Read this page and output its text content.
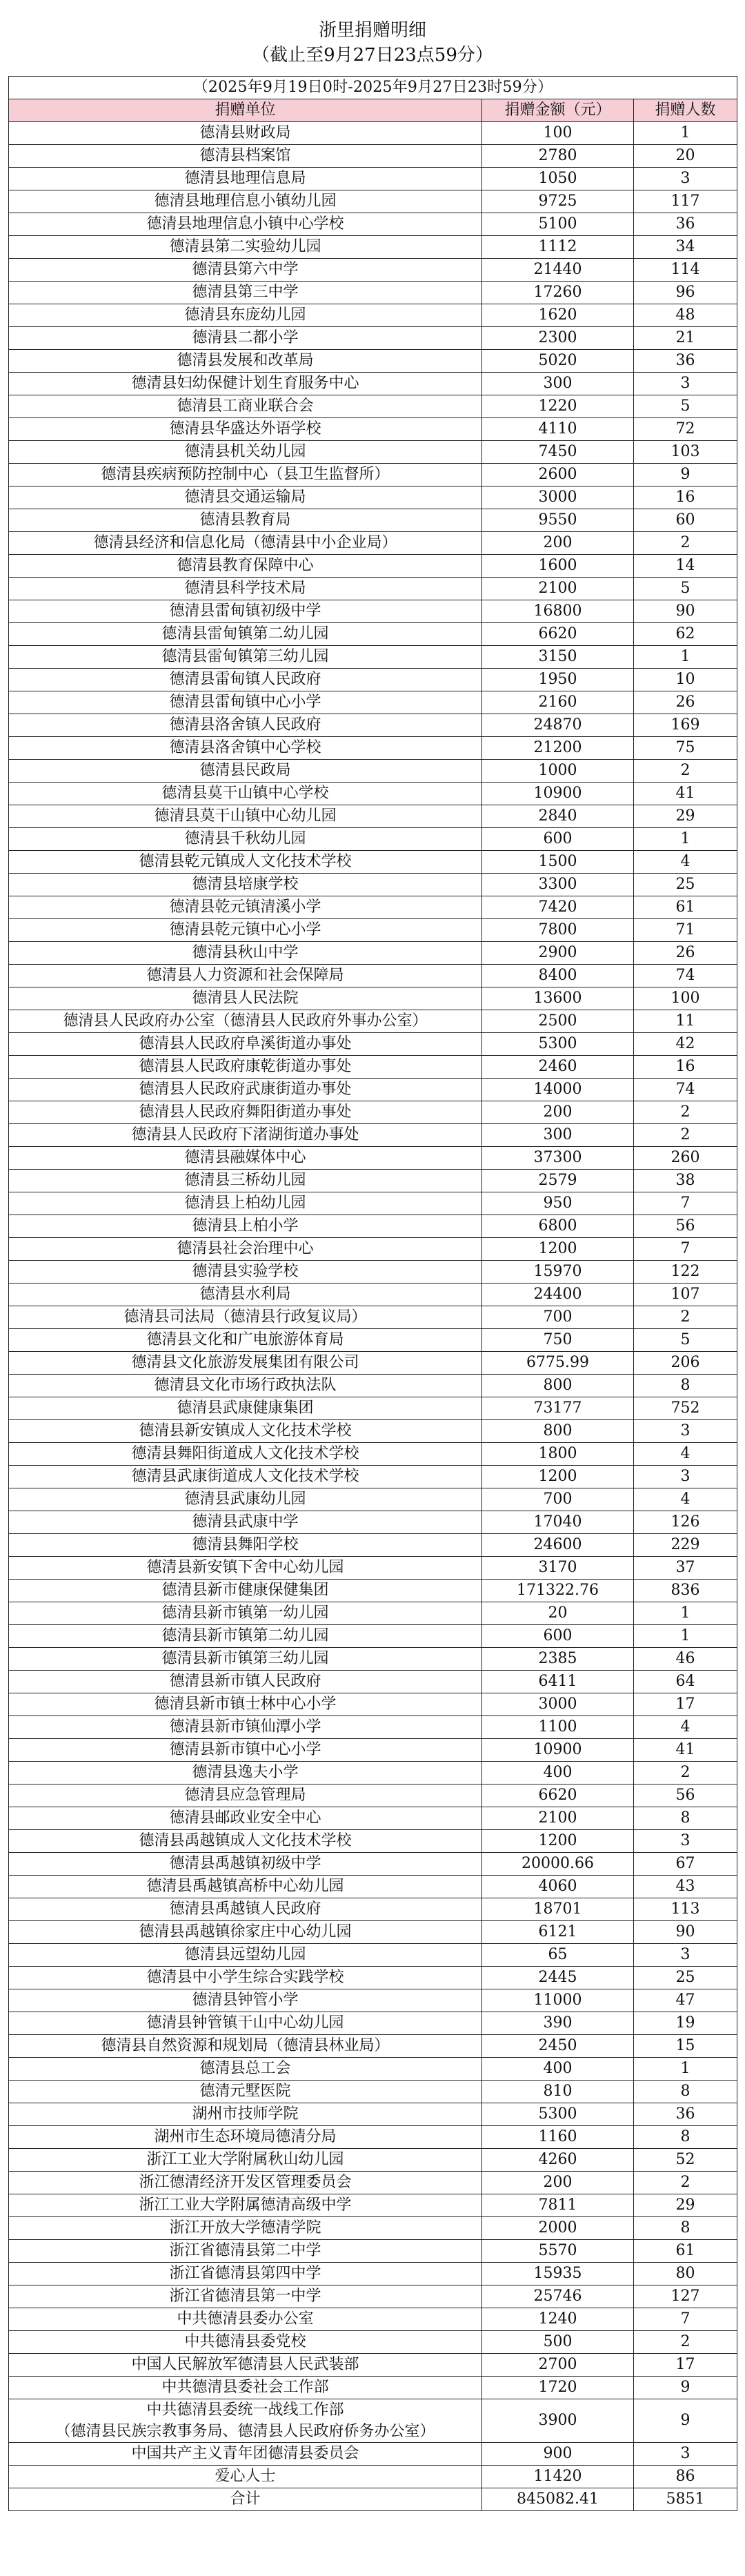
浙里捐赠明细
（截止至9月27日23点59分）
（2025年9月19日0时-2025年9月27日23时59分）		
捐赠单位	捐赠金额（元）	捐赠人数
德清县财政局	100	1
德清县档案馆	2780	20
德清县地理信息局	1050	3
德清县地理信息小镇幼儿园	9725	117
德清县地理信息小镇中心学校	5100	36
德清县第二实验幼儿园	1112	34
德清县第六中学	21440	114
德清县第三中学	17260	96
德清县东庞幼儿园	1620	48
德清县二都小学	2300	21
德清县发展和改革局	5020	36
德清县妇幼保健计划生育服务中心	300	3
德清县工商业联合会	1220	5
德清县华盛达外语学校	4110	72
德清县机关幼儿园	7450	103
德清县疾病预防控制中心（县卫生监督所）	2600	9
德清县交通运输局	3000	16
德清县教育局	9550	60
德清县经济和信息化局（德清县中小企业局）	200	2
德清县教育保障中心	1600	14
德清县科学技术局	2100	5
德清县雷甸镇初级中学	16800	90
德清县雷甸镇第二幼儿园	6620	62
德清县雷甸镇第三幼儿园	3150	1
德清县雷甸镇人民政府	1950	10
德清县雷甸镇中心小学	2160	26
德清县洛舍镇人民政府	24870	169
德清县洛舍镇中心学校	21200	75
德清县民政局	1000	2
德清县莫干山镇中心学校	10900	41
德清县莫干山镇中心幼儿园	2840	29
德清县千秋幼儿园	600	1
德清县乾元镇成人文化技术学校	1500	4
德清县培康学校	3300	25
德清县乾元镇清溪小学	7420	61
德清县乾元镇中心小学	7800	71
德清县秋山中学	2900	26
德清县人力资源和社会保障局	8400	74
德清县人民法院	13600	100
德清县人民政府办公室（德清县人民政府外事办公室）	2500	11
德清县人民政府阜溪街道办事处	5300	42
德清县人民政府康乾街道办事处	2460	16
德清县人民政府武康街道办事处	14000	74
德清县人民政府舞阳街道办事处	200	2
德清县人民政府下渚湖街道办事处	300	2
德清县融媒体中心	37300	260
德清县三桥幼儿园	2579	38
德清县上柏幼儿园	950	7
德清县上柏小学	6800	56
德清县社会治理中心	1200	7
德清县实验学校	15970	122
德清县水利局	24400	107
德清县司法局（德清县行政复议局）	700	2
德清县文化和广电旅游体育局	750	5
德清县文化旅游发展集团有限公司	6775.99	206
德清县文化市场行政执法队	800	8
德清县武康健康集团	73177	752
德清县新安镇成人文化技术学校	800	3
德清县舞阳街道成人文化技术学校	1800	4
德清县武康街道成人文化技术学校	1200	3
德清县武康幼儿园	700	4
德清县武康中学	17040	126
德清县舞阳学校	24600	229
德清县新安镇下舍中心幼儿园	3170	37
德清县新市健康保健集团	171322.76	836
德清县新市镇第一幼儿园	20	1
德清县新市镇第二幼儿园	600	1
德清县新市镇第三幼儿园	2385	46
德清县新市镇人民政府	6411	64
德清县新市镇士林中心小学	3000	17
德清县新市镇仙潭小学	1100	4
德清县新市镇中心小学	10900	41
德清县逸夫小学	400	2
德清县应急管理局	6620	56
德清县邮政业安全中心	2100	8
德清县禹越镇成人文化技术学校	1200	3
德清县禹越镇初级中学	20000.66	67
德清县禹越镇高桥中心幼儿园	4060	43
德清县禹越镇人民政府	18701	113
德清县禹越镇徐家庄中心幼儿园	6121	90
德清县远望幼儿园	65	3
德清县中小学生综合实践学校	2445	25
德清县钟管小学	11000	47
德清县钟管镇干山中心幼儿园	390	19
德清县自然资源和规划局（德清县林业局）	2450	15
德清县总工会	400	1
德清元墅医院	810	8
湖州市技师学院	5300	36
湖州市生态环境局德清分局	1160	8
浙江工业大学附属秋山幼儿园	4260	52
浙江德清经济开发区管理委员会	200	2
浙江工业大学附属德清高级中学	7811	29
浙江开放大学德清学院	2000	8
浙江省德清县第二中学	5570	61
浙江省德清县第四中学	15935	80
浙江省德清县第一中学	25746	127
中共德清县委办公室	1240	7
中共德清县委党校	500	2
中国人民解放军德清县人民武装部	2700	17
中共德清县委社会工作部	1720	9

中共德清县委统一战线工作部
（德清县民族宗教事务局、德清县人民政府侨务办公室）	3900	9
中国共产主义青年团德清县委员会	900	3
爱心人士	11420	86
合计	845082.41	5851
